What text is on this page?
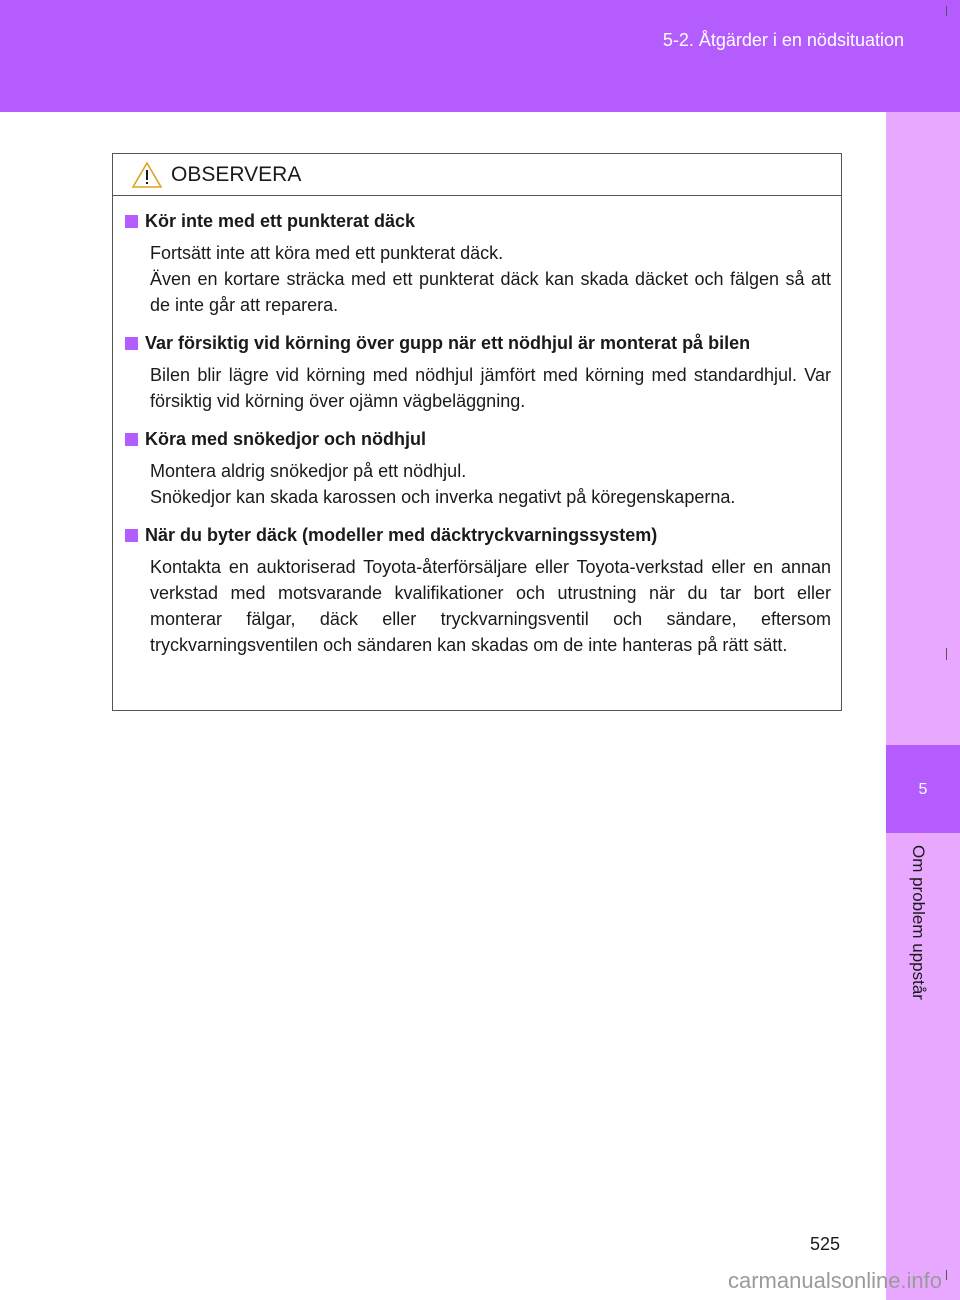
5-2. Åtgärder i en nödsituation
5
Om problem uppstår
OBSERVERA
Kör inte med ett punkterat däck
Fortsätt inte att köra med ett punkterat däck.
Även en kortare sträcka med ett punkterat däck kan skada däcket och fälgen så att de inte går att reparera.
Var försiktig vid körning över gupp när ett nödhjul är monterat på bilen
Bilen blir lägre vid körning med nödhjul jämfört med körning med standardhjul. Var försiktig vid körning över ojämn vägbeläggning.
Köra med snökedjor och nödhjul
Montera aldrig snökedjor på ett nödhjul.
Snökedjor kan skada karossen och inverka negativt på köregenskaperna.
När du byter däck (modeller med däcktryckvarningssystem)
Kontakta en auktoriserad Toyota-återförsäljare eller Toyota-verkstad eller en annan verkstad med motsvarande kvalifikationer och utrustning när du tar bort eller monterar fälgar, däck eller tryckvarningsventil och sändare, eftersom tryckvarningsventilen och sändaren kan skadas om de inte hanteras på rätt sätt.
525
carmanualsonline.info
